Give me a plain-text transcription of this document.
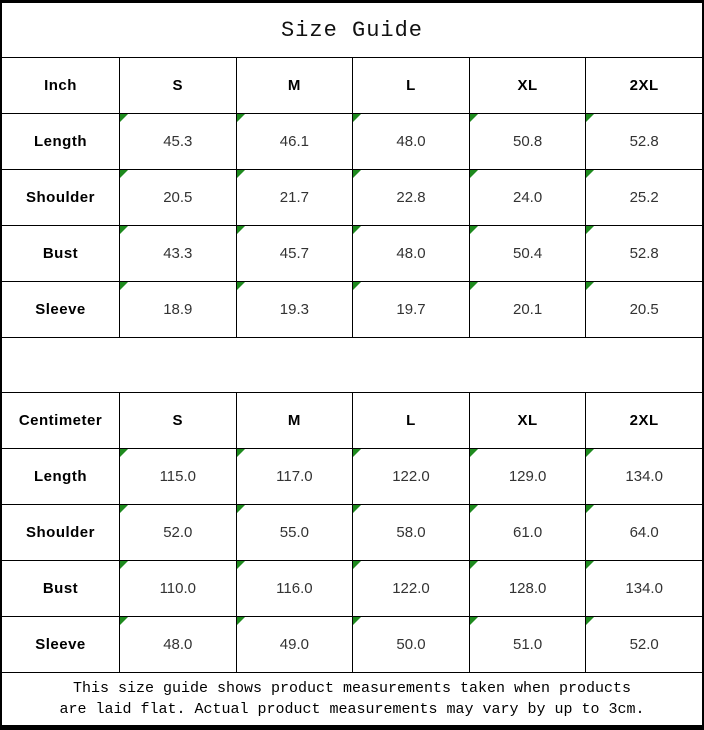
Size Guide
Inch	S	M	L	XL	2XL
Length	45.3	46.1	48.0	50.8	52.8
Shoulder	20.5	21.7	22.8	24.0	25.2
Bust	43.3	45.7	48.0	50.4	52.8
Sleeve	18.9	19.3	19.7	20.1	20.5
Centimeter	S	M	L	XL	2XL
Length	115.0	117.0	122.0	129.0	134.0
Shoulder	52.0	55.0	58.0	61.0	64.0
Bust	110.0	116.0	122.0	128.0	134.0
Sleeve	48.0	49.0	50.0	51.0	52.0
This size guide shows product measurements taken when products
are laid flat. Actual product measurements may vary by up to 3cm.
